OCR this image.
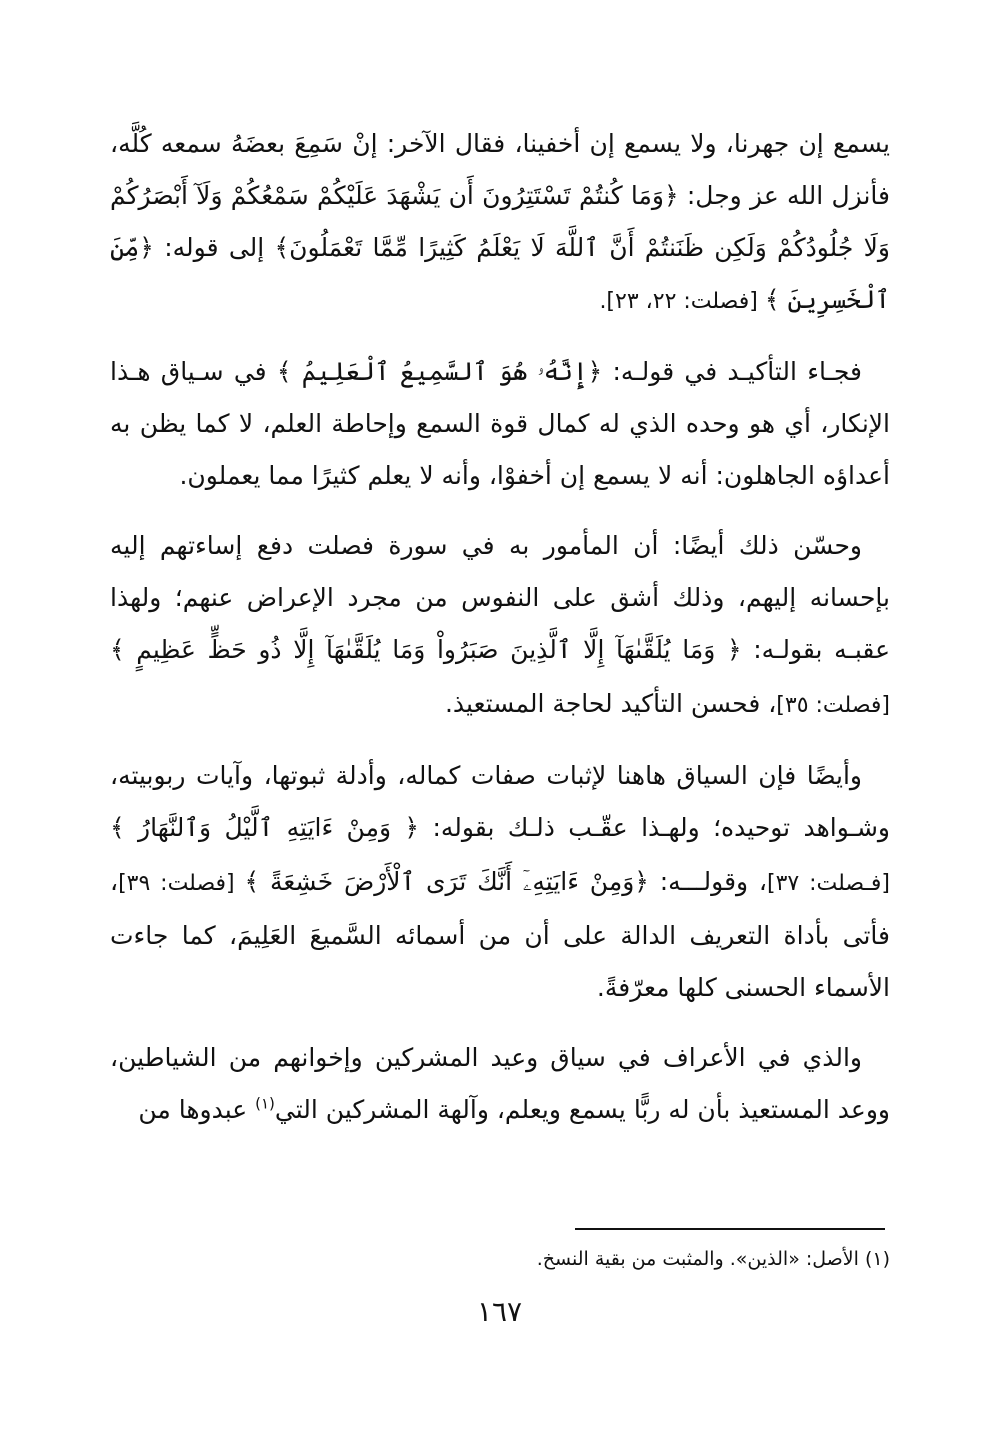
يسمع إن جهرنا، ولا يسمع إن أخفينا، فقال الآخر: إنْ سَمِعَ بعضَهُ سمعه كُلَّه، فأنزل الله عز وجل: ﴿وَمَا كُنتُمْ تَسْتَتِرُونَ أَن يَشْهَدَ عَلَيْكُمْ سَمْعُكُمْ وَلَآ أَبْصَرُكُمْ وَلَا جُلُودُكُمْ وَلَكِن ظَنَنتُمْ أَنَّ ٱللَّهَ لَا يَعْلَمُ كَثِيرًا مِّمَّا تَعْمَلُونَ﴾ إلى قوله: ﴿مِّنَ ٱلْخَسِرِينَ ﴾ [فصلت: ٢٢، ٢٣].

فجـاء التأكيـد في قولـه: ﴿إِنَّهُۥ هُوَ ٱلسَّمِيعُ ٱلْعَلِيمُ ﴾ في سـياق هـذا الإنكار، أي هو وحده الذي له كمال قوة السمع وإحاطة العلم، لا كما يظن به أعداؤه الجاهلون: أنه لا يسمع إن أخفوْا، وأنه لا يعلم كثيرًا مما يعملون.

وحسّن ذلك أيضًا: أن المأمور به في سورة فصلت دفع إساءتهم إليه بإحسانه إليهم، وذلك أشق على النفوس من مجرد الإعراض عنهم؛ ولهذا عقبـه بقولـه: ﴿ وَمَا يُلَقَّىٰهَآ إِلَّا ٱلَّذِينَ صَبَرُواْ وَمَا يُلَقَّىٰهَآ إِلَّا ذُو حَظٍّ عَظِيمٍ ﴾ [فصلت: ٣٥]، فحسن التأكيد لحاجة المستعيذ.

وأيضًا فإن السياق هاهنا لإثبات صفات كماله، وأدلة ثبوتها، وآيات ربوبيته، وشـواهد توحيده؛ ولهـذا عقّـب ذلـك بقوله: ﴿ وَمِنْ ءَايَتِهِ ٱلَّيْلُ وَٱلنَّهَارُ ﴾ [فـصلت: ٣٧]، وقولـــه: ﴿وَمِنْ ءَايَتِهِۦٓ أَنَّكَ تَرَى ٱلْأَرْضَ خَشِعَةً ﴾ [فصلت: ٣٩]، فأتى بأداة التعريف الدالة على أن من أسمائه السَّميعَ العَلِيمَ، كما جاءت الأسماء الحسنى كلها معرّفةً.

والذي في الأعراف في سياق وعيد المشركين وإخوانهم من الشياطين، ووعد المستعيذ بأن له ربًّا يسمع ويعلم، وآلهة المشركين التي$^{(١)}$ عبدوها من

(١) الأصل: «الذين». والمثبت من بقية النسخ.
١٦٧
